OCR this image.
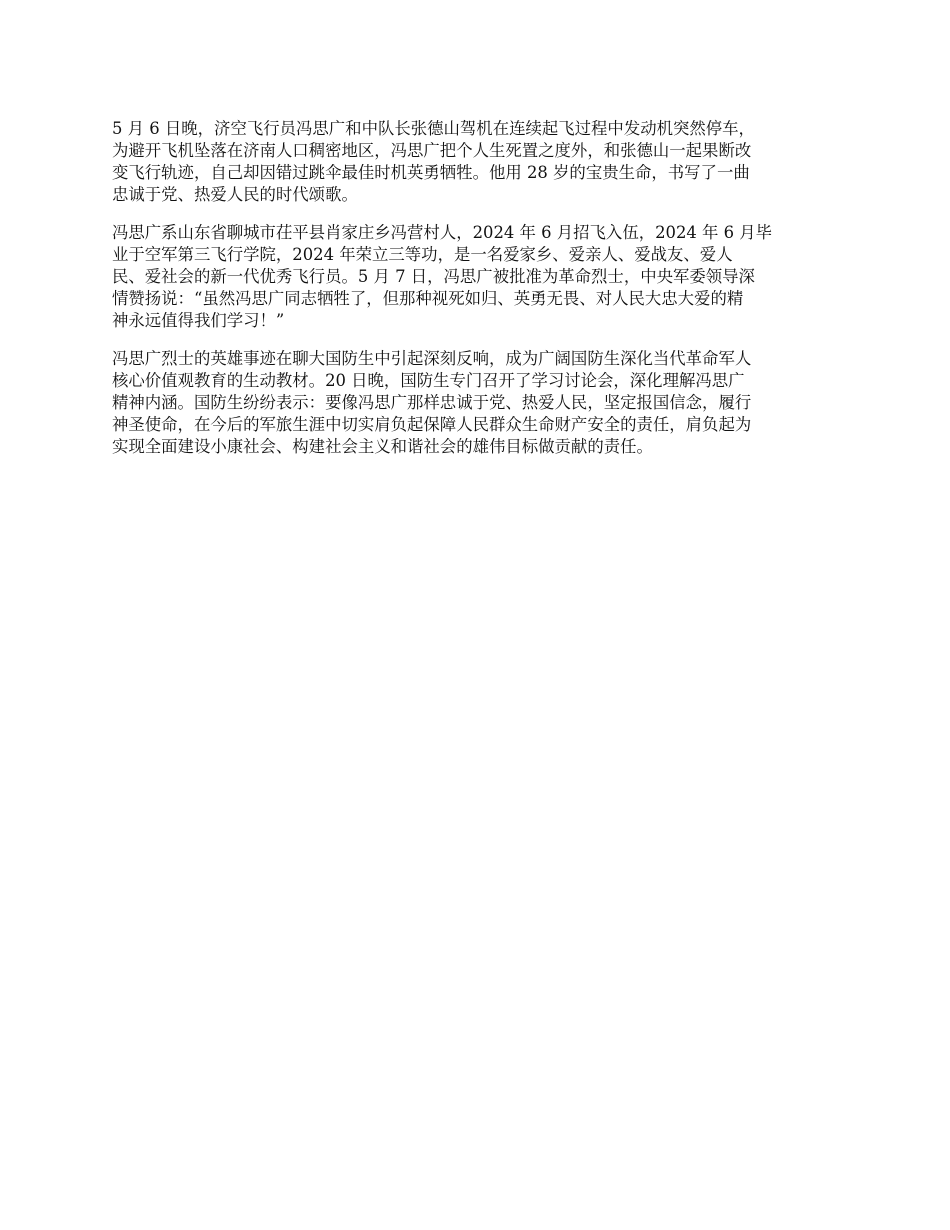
5 月 6 日晚，济空飞行员冯思广和中队长张德山驾机在连续起飞过程中发动机突然停车，
为避开飞机坠落在济南人口稠密地区，冯思广把个人生死置之度外，和张德山一起果断改
变飞行轨迹，自己却因错过跳伞最佳时机英勇牺牲。他用 28 岁的宝贵生命，书写了一曲
忠诚于党、热爱人民的时代颂歌。

冯思广系山东省聊城市茌平县肖家庄乡冯营村人，2024 年 6 月招飞入伍，2024 年 6 月毕
业于空军第三飞行学院，2024 年荣立三等功，是一名爱家乡、爱亲人、爱战友、爱人
民、爱社会的新一代优秀飞行员。5 月 7 日，冯思广被批准为革命烈士，中央军委领导深
情赞扬说：“虽然冯思广同志牺牲了，但那种视死如归、英勇无畏、对人民大忠大爱的精
神永远值得我们学习！”

冯思广烈士的英雄事迹在聊大国防生中引起深刻反响，成为广阔国防生深化当代革命军人
核心价值观教育的生动教材。20 日晚，国防生专门召开了学习讨论会，深化理解冯思广
精神内涵。国防生纷纷表示：要像冯思广那样忠诚于党、热爱人民，坚定报国信念，履行
神圣使命，在今后的军旅生涯中切实肩负起保障人民群众生命财产安全的责任，肩负起为
实现全面建设小康社会、构建社会主义和谐社会的雄伟目标做贡献的责任。
